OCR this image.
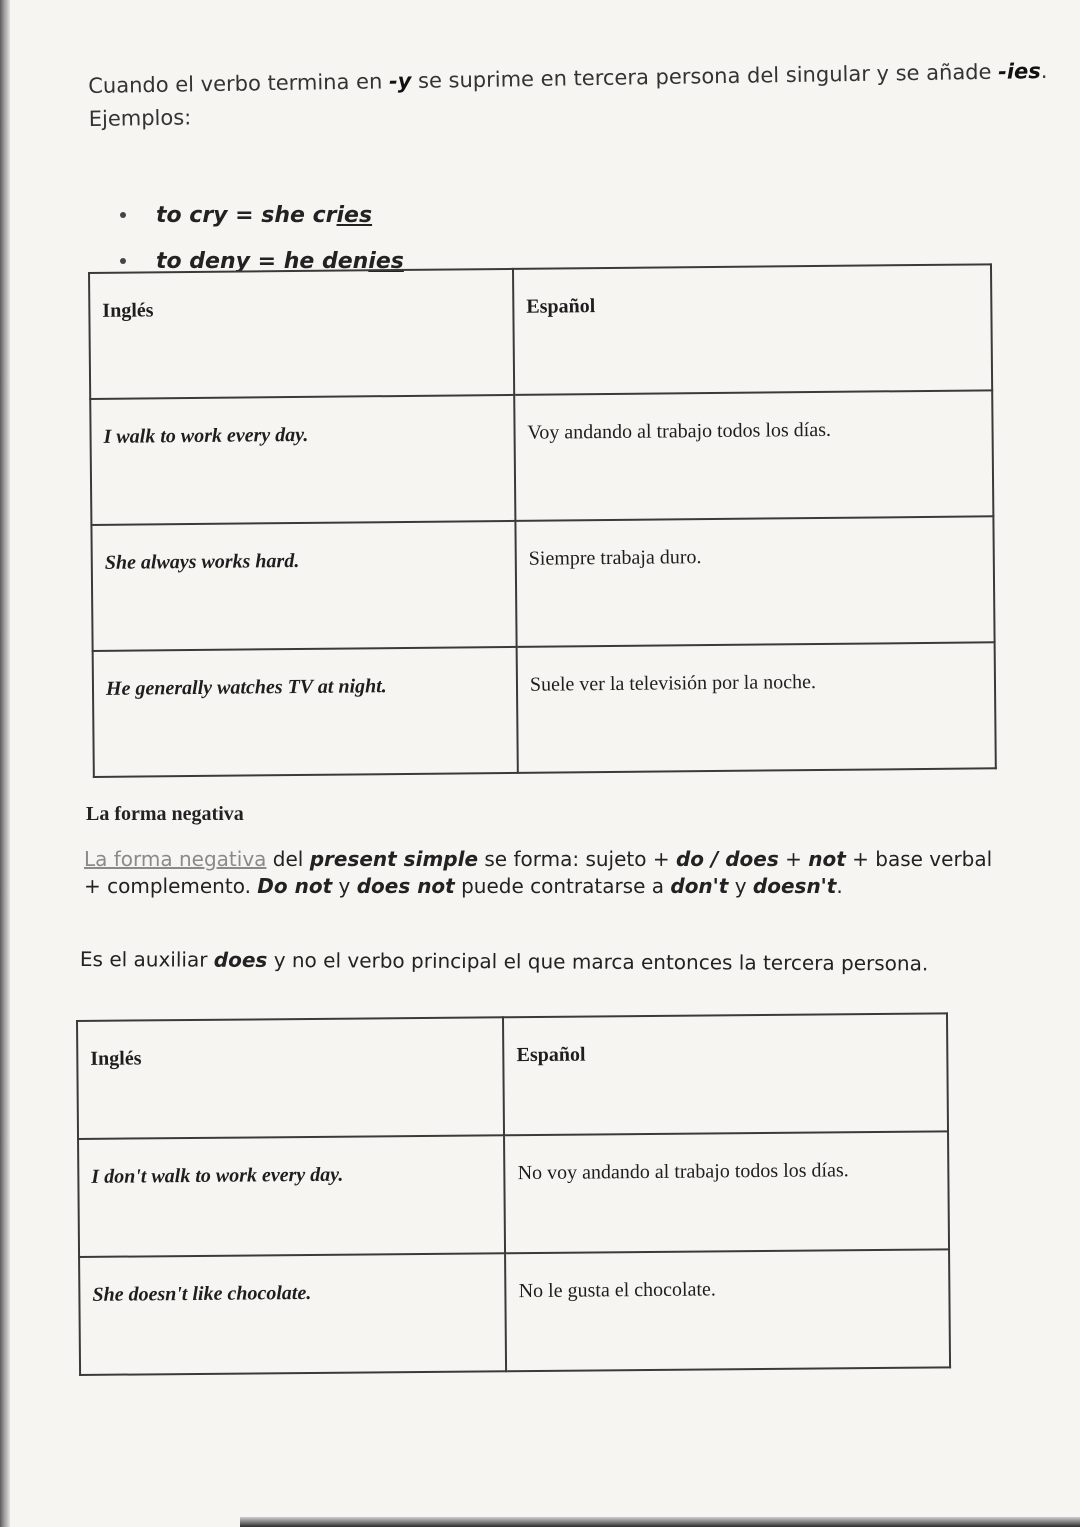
Cuando el verbo termina en -y se suprime en tercera persona del singular y se añade -ies.
Ejemplos:
to cry = she cr ies
to deny = he den ies
Inglés	Español
I walk to work every day.	Voy andando al trabajo todos los días.
She always works hard.	Siempre trabaja duro.
He generally watches TV at night.	Suele ver la televisión por la noche.
La forma negativa
La forma negativa del present simple se forma: sujeto + do / does + not + base verbal + complemento. Do not y does not puede contratarse a don't y doesn't.
Es el auxiliar does y no el verbo principal el que marca entonces la tercera persona.
Inglés	Español
I don't walk to work every day.	No voy andando al trabajo todos los días.
She doesn't like chocolate.	No le gusta el chocolate.
